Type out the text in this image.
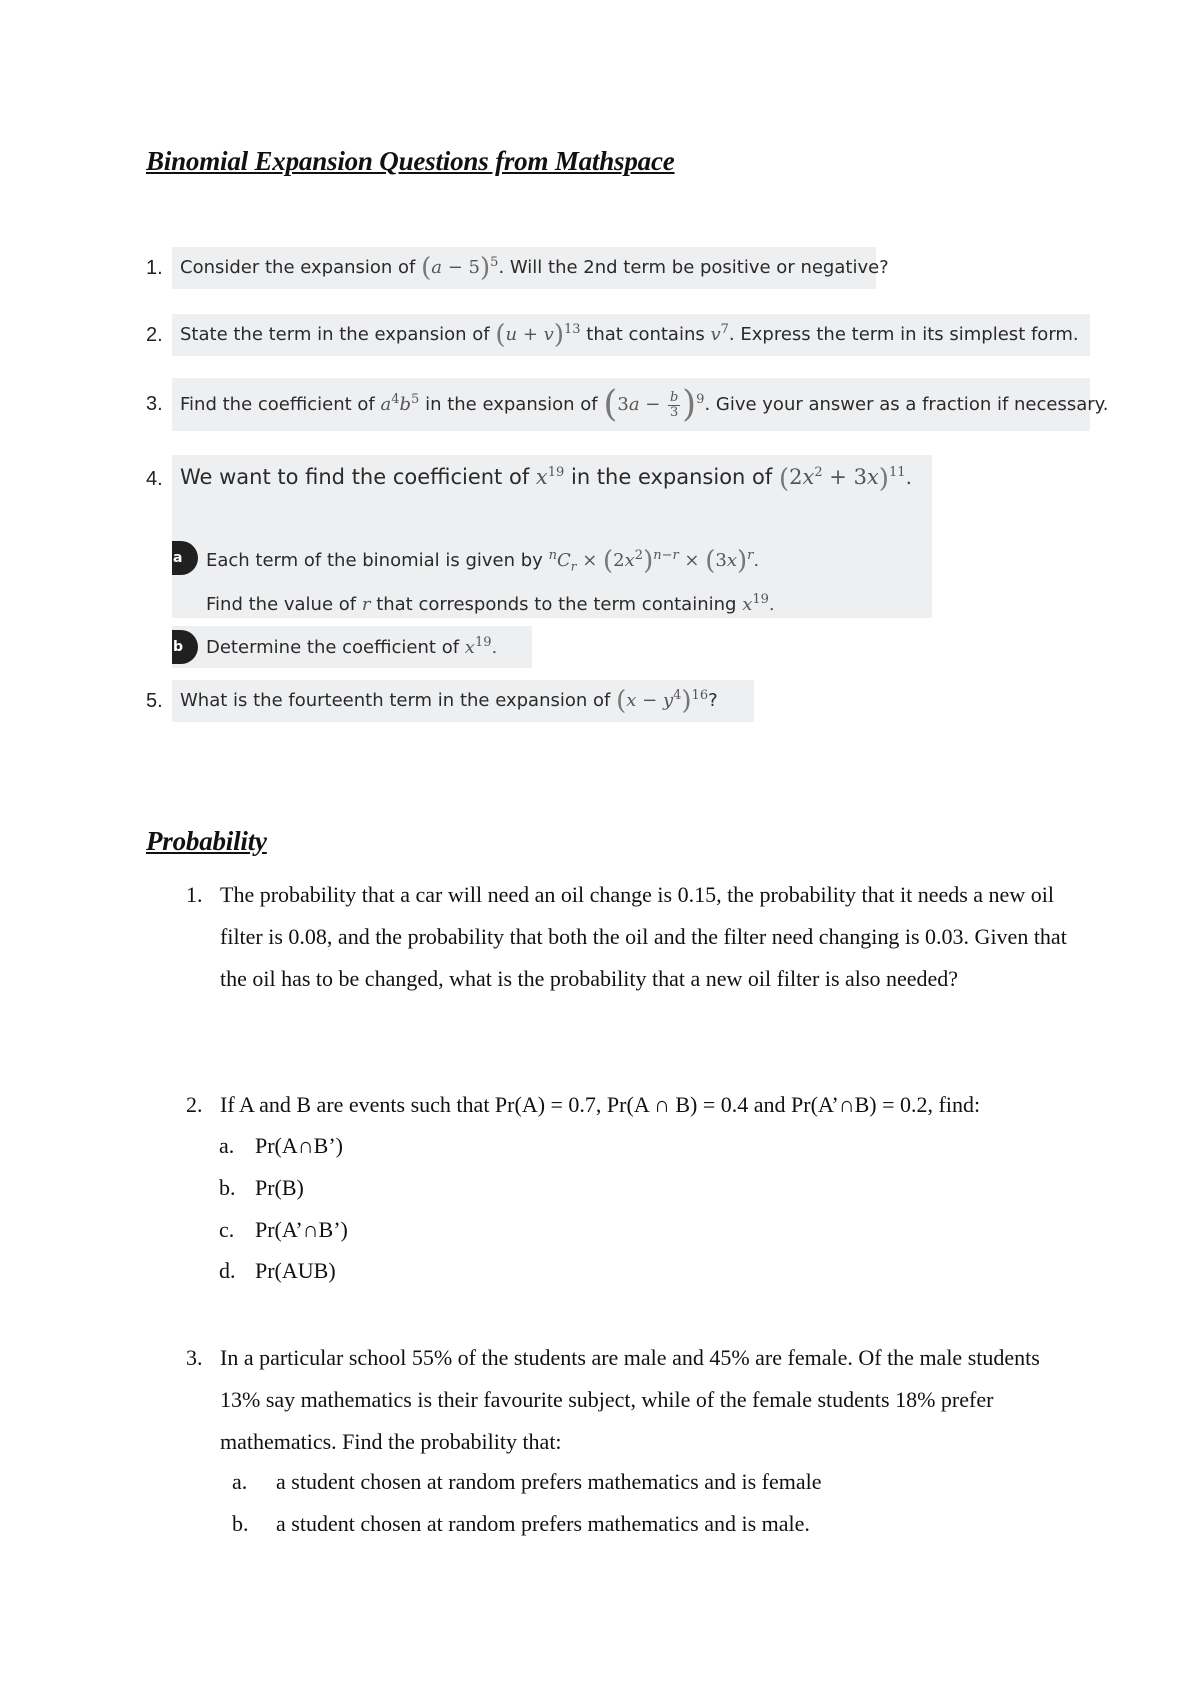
Binomial Expansion Questions from Mathspace
1. Consider the expansion of $(a - 5)^5$. Will the 2nd term be positive or negative?
2. State the term in the expansion of $(u + v)^{13}$ that contains $v^7$. Express the term in its simplest form.
3. Find the coefficient of $a^4b^5$ in the expansion of $(3a - \frac{b}{3} )^9$. Give your answer as a fraction if necessary.
4. We want to find the coefficient of $x^{19}$ in the expansion of $(2x^2 + 3x)^{11}$.
a Each term of the binomial is given by $^nC_r \times (2x^2)^{n-r} \times (3x)^r$.
Find the value of r that corresponds to the term containing $x^{19}$.
b Determine the coefficient of $x^{19}$.
5. What is the fourteenth term in the expansion of $(x - y^4)^{16}$?
Probability
1. The probability that a car will need an oil change is 0.15, the probability that it needs a new oil filter is 0.08, and the probability that both the oil and the filter need changing is 0.03. Given that the oil has to be changed, what is the probability that a new oil filter is also needed?
2. If A and B are events such that Pr(A) = 0.7, Pr(A ∩ B) = 0.4 and Pr(A’∩B) = 0.2, find:
a. Pr(A∩B’)
b. Pr(B)
c. Pr(A’∩B’)
d. Pr(AUB)
3. In a particular school 55% of the students are male and 45% are female. Of the male students 13% say mathematics is their favourite subject, while of the female students 18% prefer mathematics. Find the probability that:
a.	a student chosen at random prefers mathematics and is female
b.	a student chosen at random prefers mathematics and is male.
